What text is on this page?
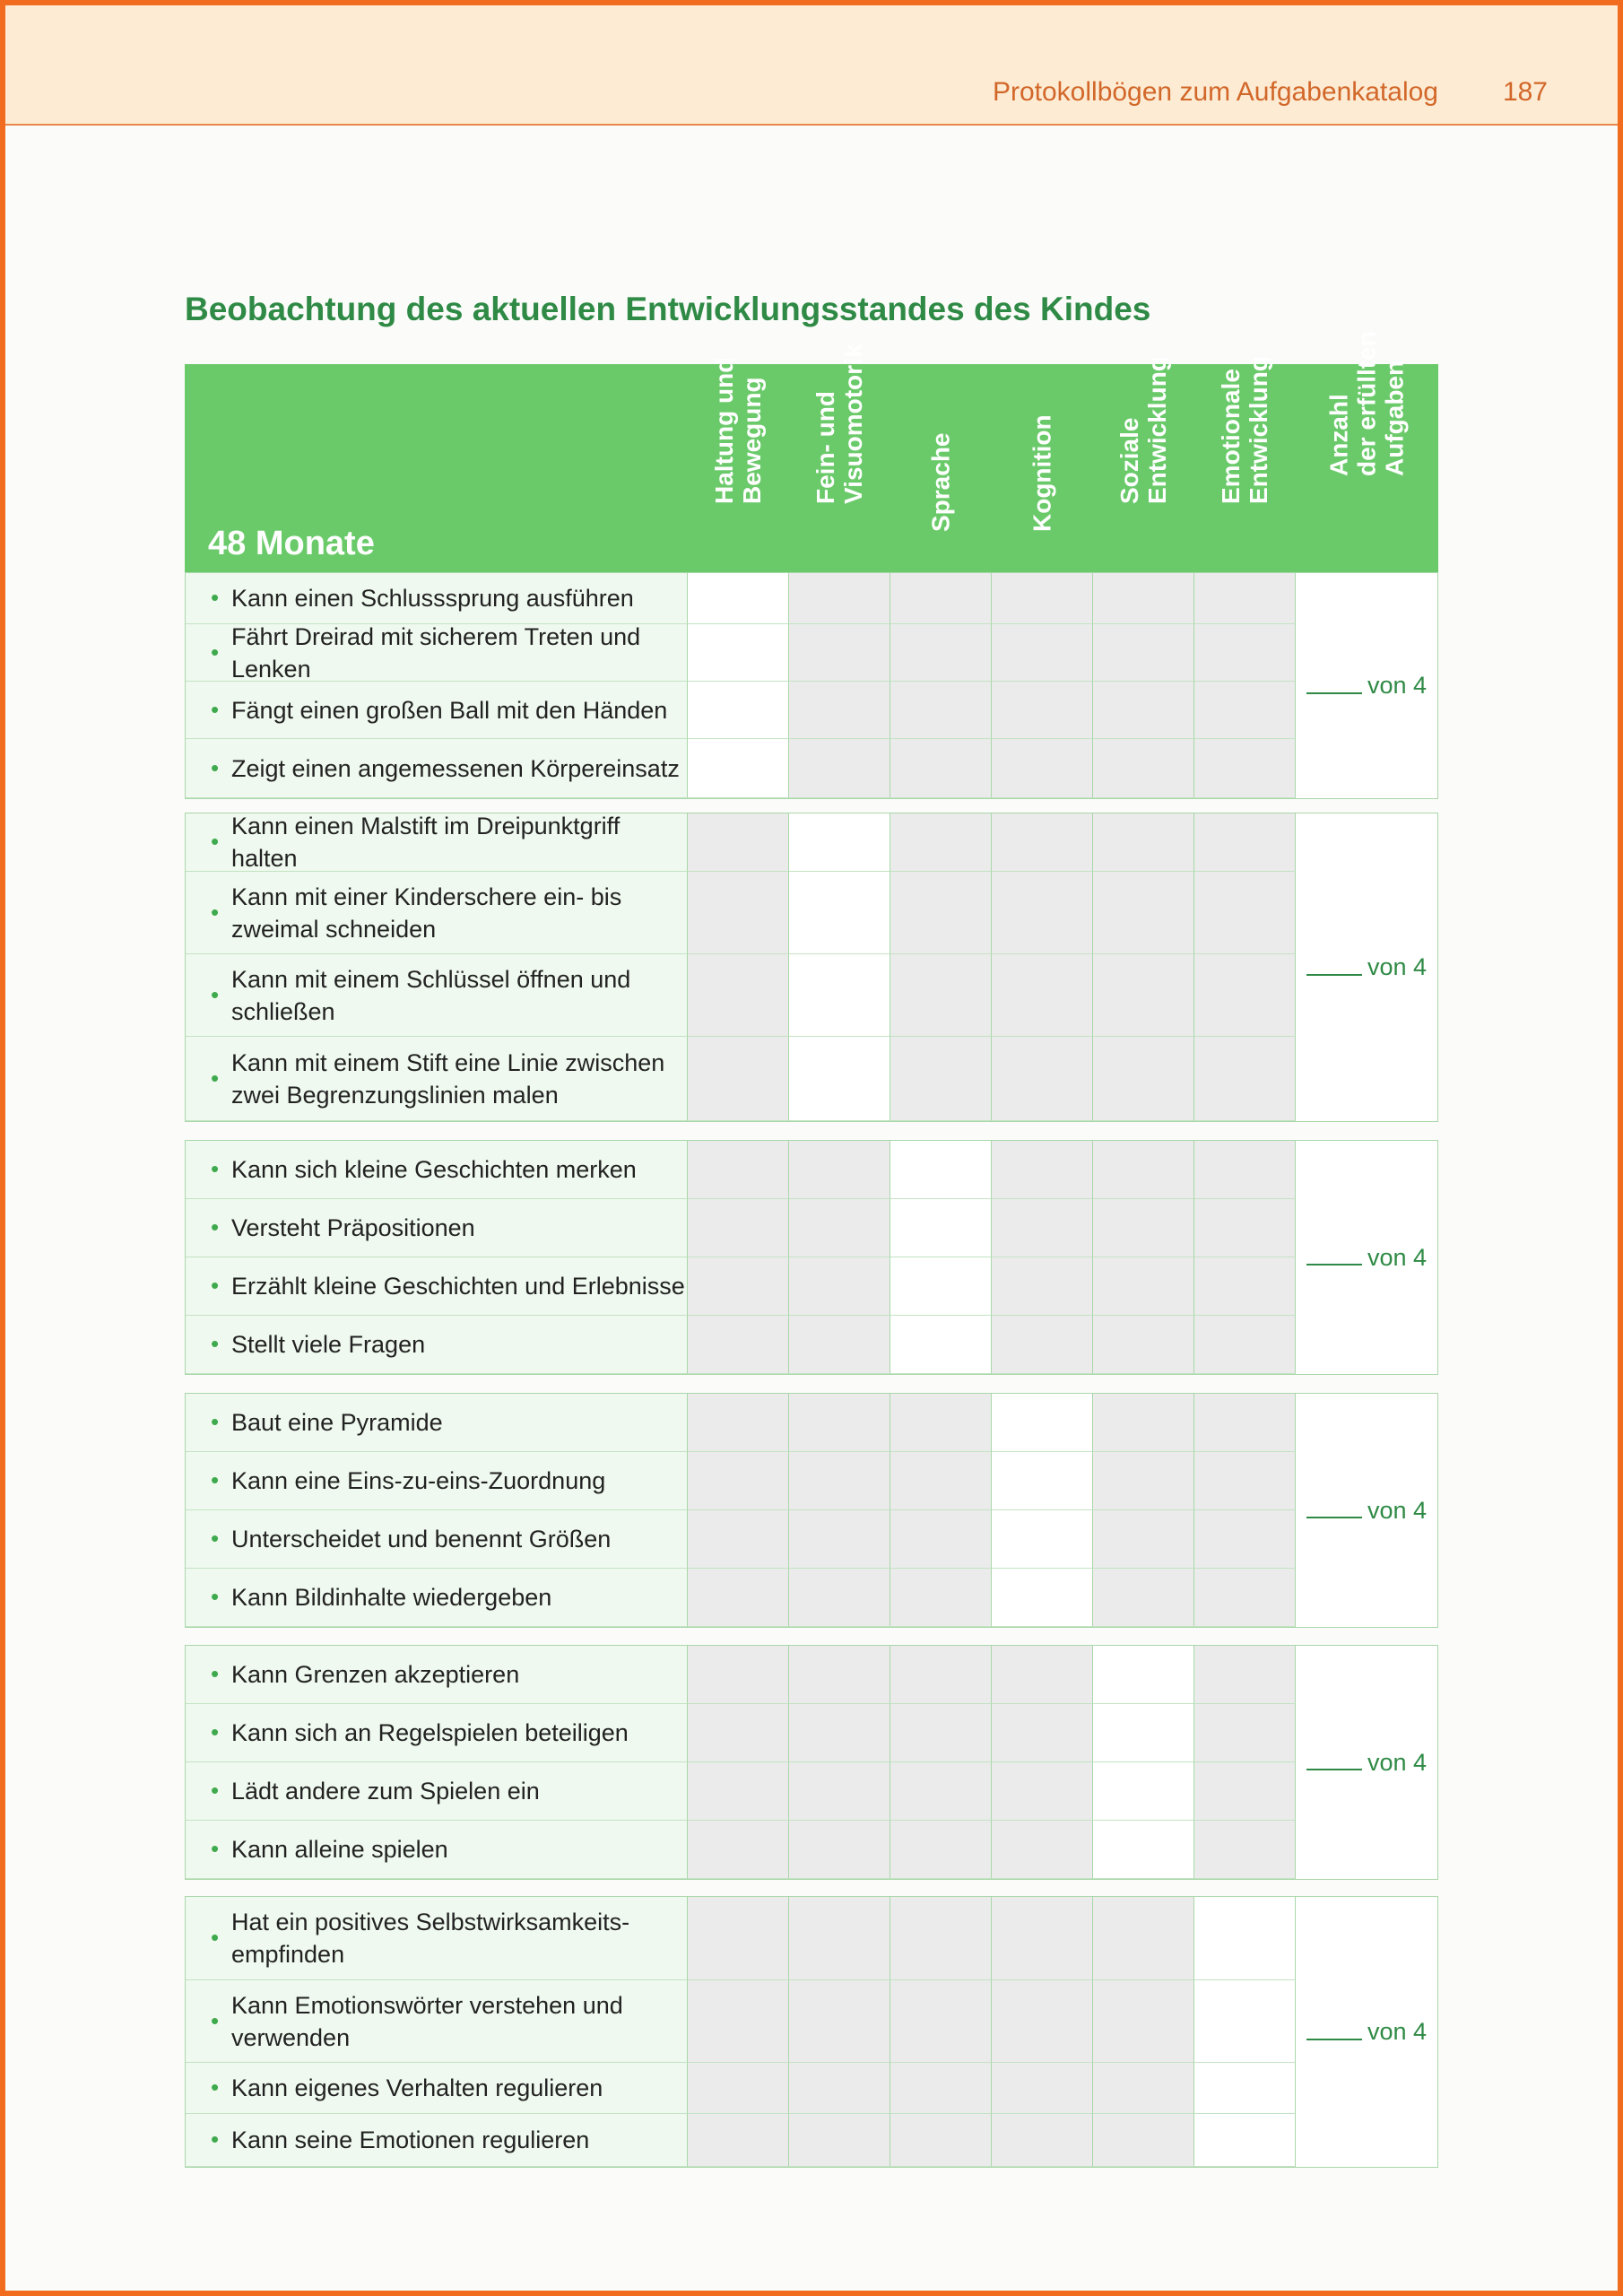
Protokollbögen zum Aufgabenkatalog 187
Beobachtung des aktuellen Entwicklungsstandes des Kindes
48 Monate
Haltung und
Bewegung Fein- und
Visuomotorik Sprache	Kognition Soziale
Entwicklung Emotionale
Entwicklung Anzahl
der erfüllten
Aufgaben
• Kann einen Schlusssprung ausführen
•
Fährt Dreirad mit sicherem Treten und Lenken
• Fängt einen großen Ball mit den Händen
• Zeigt einen angemessenen Körpereinsatz
von 4
•
Kann einen Malstift im Dreipunktgriff halten
•
Kann mit einer Kinderschere ein- bis zweimal schneiden
•
Kann mit einem Schlüssel öffnen und schließen
•
Kann mit einem Stift eine Linie zwischen zwei Begrenzungslinien malen
von 4
• Kann sich kleine Geschichten merken
• Versteht Präpositionen
• Erzählt kleine Geschichten und Erlebnisse
• Stellt viele Fragen
von 4
• Baut eine Pyramide
• Kann eine Eins-zu-eins-Zuordnung
• Unterscheidet und benennt Größen
• Kann Bildinhalte wiedergeben
von 4
• Kann Grenzen akzeptieren
• Kann sich an Regelspielen beteiligen
• Lädt andere zum Spielen ein
• Kann alleine spielen
von 4
•
Hat ein positives Selbstwirksamkeits-empfinden
•
Kann Emotionswörter verstehen und verwenden
• Kann eigenes Verhalten regulieren
• Kann seine Emotionen regulieren
von 4
